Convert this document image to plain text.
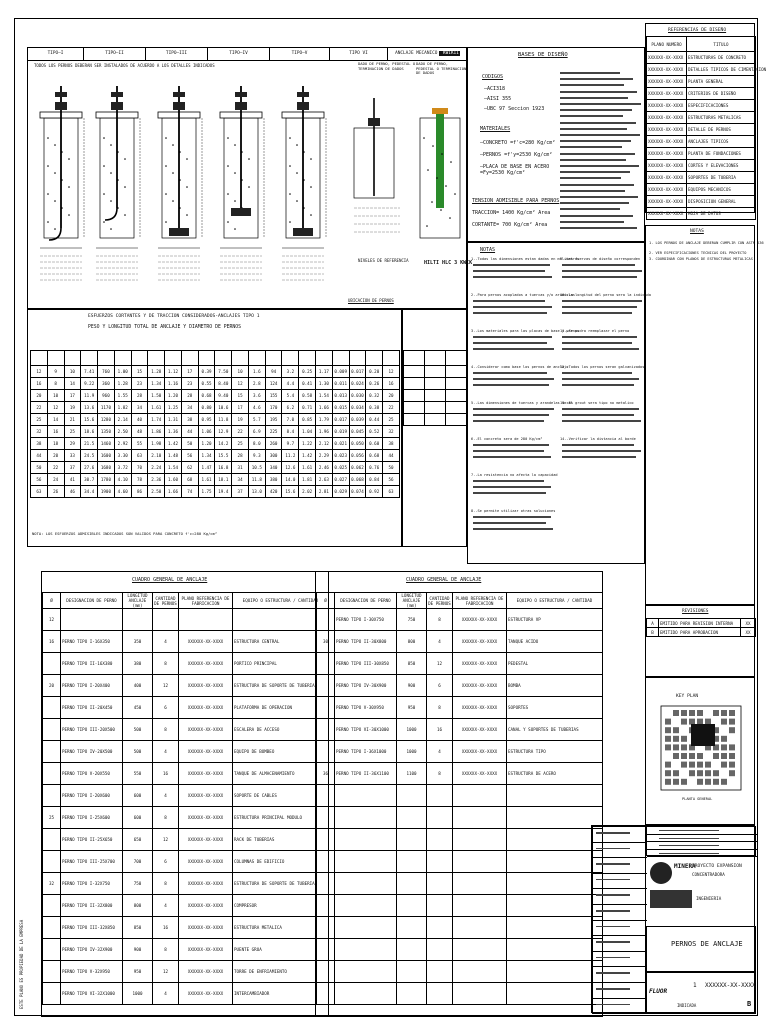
TIPO—I	TIPO—II	TIPO—III	TIPO—IV	TIPO—V	TIPO VI	ANCLAJE MECANICO KWIKII
TODOS LOS PERNOS DEBERAN SER INSTALADOS DE ACUERDO A LOS DETALLES INDICADOS	DADO DE PERNO, PEDESTAL O TERMINACION DE DADOS
DADO DE PERNO, PEDESTAL O TERMINACION DE DADOS
NIVELES DE REFERENCIA
UBICACION DE PERNOS
HILTI HLC 3 KWIK
BASES DE DISEÑO
CODIGOS
—ACI318
—AISI 355
—UBC 97 Seccion 1923
MATERIALES
—CONCRETO =f'c=280 Kg/cm²
—PERNOS =f'y=2530 Kg/cm²
—PLACA DE BASE EN ACERO =Fy=2530 Kg/cm²
TENSION ADMISIBLE PARA PERNOS
TRACCION= 1400 Kg/cm² Area
CORTANTE= 700 Kg/cm² Area
NOTAS
1.-Todas las dimensiones estan dadas en milimetros
2.-Para pernos acoplados a tuercas y/o arandelas
3.-Los materiales para las placas de base y pernos
4.-Considerar como base los pernos de anclaje
5.-Las dimensiones de tuercas y arandelas seran
6.-El concreto sera de 280 Kg/cm²
7.-La resistencia no afecta la capacidad
8.-Se permite utilizar otras soluciones
9.-Las fuerzas de diseño corresponden
10.-La longitud del perno sera la indicada
11.-Se podra reemplazar el perno
12.-Todos los pernos seran galvanizados
13.-El grout sera tipo no metalico
14.-Verificar la distancia al borde
ESFUERZOS CORTANTES Y DE TRACCION CONSIDERADOS-ANCLAJES TIPO 1
PESO Y LONGITUD TOTAL DE ANCLAJE Y DIAMETRO DE PERNOS

12	9	10	7.41	760	1.00	15	1.28	1.12	17	0.39	7.50	10	1.6	94	3.2	0.25	1.17	0.009	0.017	0.20	12
16	8	14	9.22	360	1.28	23	1.34	1.16	23	0.55	8.40	12	2.8	124	4.4	0.41	1.30	0.011	0.024	0.26	16
20	10	17	11.9	960	1.55	28	1.50	1.20	28	0.68	9.40	15	3.6	155	5.4	0.58	1.54	0.013	0.030	0.32	20
22	12	19	13.6	1170	1.82	34	1.61	1.25	34	0.80	10.6	17	4.6	170	6.2	0.71	1.66	0.015	0.034	0.38	22
25	14	21	15.6	1280	2.14	40	1.74	1.31	38	0.95	11.8	19	5.7	195	7.0	0.85	1.79	0.017	0.039	0.44	25
32	16	25	18.6	1350	2.50	48	1.86	1.36	44	1.06	12.9	22	6.9	225	8.4	1.04	1.96	0.019	0.045	0.52	32
38	18	29	21.5	1460	2.92	55	1.98	1.42	50	1.20	14.2	25	8.0	260	9.7	1.22	2.12	0.021	0.050	0.60	38
44	20	33	24.5	1600	3.30	63	2.10	1.48	56	1.34	15.5	28	9.3	300	11.2	1.42	2.29	0.023	0.056	0.68	44
50	22	37	27.6	1680	3.72	70	2.24	1.54	62	1.47	16.8	31	10.5	340	12.6	1.61	2.46	0.025	0.062	0.76	50
56	24	41	30.7	1780	4.10	78	2.36	1.60	68	1.61	18.1	34	11.8	380	14.0	1.81	2.63	0.027	0.068	0.84	56
63	26	46	34.4	1900	4.60	86	2.50	1.66	74	1.75	19.4	37	13.0	420	15.6	2.02	2.81	0.029	0.074	0.92	63
NOTA: LOS ESFUERZOS ADMISIBLES INDICADOS SON VALIDOS PARA CONCRETO f'c=280 Kg/cm²

CUADRO GENERAL DE ANCLAJE
Ø	DESIGNACION DE PERNO	LONGITUD ANCLAJE (mm)	CANTIDAD DE PERNOS	PLANO REFERENCIA DE FABRICACION	EQUIPO O ESTRUCTURA / CANTIDAD
12					
16	PERNO TIPO I-16X350	350	4	XXXXXX-XX-XXXX	ESTRUCTURA CENTRAL
	PERNO TIPO II-16X380	380	8	XXXXXX-XX-XXXX	PORTICO PRINCIPAL
20	PERNO TIPO I-20X400	400	12	XXXXXX-XX-XXXX	ESTRUCTURA DE SOPORTE DE TUBERIA
	PERNO TIPO II-20X450	450	6	XXXXXX-XX-XXXX	PLATAFORMA DE OPERACION
	PERNO TIPO III-20X500	500	8	XXXXXX-XX-XXXX	ESCALERA DE ACCESO
	PERNO TIPO IV-20X500	500	4	XXXXXX-XX-XXXX	EQUIPO DE BOMBEO
	PERNO TIPO V-20X550	550	16	XXXXXX-XX-XXXX	TANQUE DE ALMACENAMIENTO
	PERNO TIPO I-20X600	600	4	XXXXXX-XX-XXXX	SOPORTE DE CABLES
25	PERNO TIPO I-25X600	600	8	XXXXXX-XX-XXXX	ESTRUCTURA PRINCIPAL MODULO
	PERNO TIPO II-25X650	650	12	XXXXXX-XX-XXXX	RACK DE TUBERIAS
	PERNO TIPO III-25X700	700	6	XXXXXX-XX-XXXX	COLUMNAS DE EDIFICIO
32	PERNO TIPO I-32X750	750	8	XXXXXX-XX-XXXX	ESTRUCTURA DE SOPORTE DE TUBERIA
	PERNO TIPO II-32X800	800	4	XXXXXX-XX-XXXX	COMPRESOR
	PERNO TIPO III-32X850	850	16	XXXXXX-XX-XXXX	ESTRUCTURA METALICA
	PERNO TIPO IV-32X900	900	8	XXXXXX-XX-XXXX	PUENTE GRUA
	PERNO TIPO V-32X950	950	12	XXXXXX-XX-XXXX	TORRE DE ENFRIAMIENTO
	PERNO TIPO VI-32X1000	1000	4	XXXXXX-XX-XXXX	INTERCAMBIADOR
CUADRO GENERAL DE ANCLAJE
Ø	DESIGNACION DE PERNO	LONGITUD ANCLAJE (mm)	CANTIDAD DE PERNOS	PLANO REFERENCIA DE FABRICACION	EQUIPO O ESTRUCTURA / CANTIDAD
	PERNO TIPO I-30X750	750	8	XXXXXX-XX-XXXX	ESTRUCTURA VP
30	PERNO TIPO II-30X800	800	4	XXXXXX-XX-XXXX	TANQUE ACIDO
	PERNO TIPO III-30X850	850	12	XXXXXX-XX-XXXX	PEDESTAL
	PERNO TIPO IV-30X900	900	6	XXXXXX-XX-XXXX	BOMBA
	PERNO TIPO V-30X950	950	8	XXXXXX-XX-XXXX	SOPORTES
	PERNO TIPO VI-30X1000	1000	16	XXXXXX-XX-XXXX	CANAL Y SOPORTES DE TUBERIAS
	PERNO TIPO I-36X1000	1000	4	XXXXXX-XX-XXXX	ESTRUCTURA TIPO
36	PERNO TIPO II-36X1100	1100	8	XXXXXX-XX-XXXX	ESTRUCTURA DE ACERO

REFERENCIAS DE DISEÑO
PLANO NUMERO	TITULO
XXXXXX-XX-XXXX	ESTRUCTURAS DE CONCRETO
XXXXXX-XX-XXXX	DETALLES TIPICOS DE CIMENTACION
XXXXXX-XX-XXXX	PLANTA GENERAL
XXXXXX-XX-XXXX	CRITERIOS DE DISEÑO
XXXXXX-XX-XXXX	ESPECIFICACIONES
XXXXXX-XX-XXXX	ESTRUCTURAS METALICAS
XXXXXX-XX-XXXX	DETALLE DE PERNOS
XXXXXX-XX-XXXX	ANCLAJES TIPICOS
XXXXXX-XX-XXXX	PLANTA DE FUNDACIONES
XXXXXX-XX-XXXX	CORTES Y ELEVACIONES
XXXXXX-XX-XXXX	SOPORTES DE TUBERIA
XXXXXX-XX-XXXX	EQUIPOS MECANICOS
XXXXXX-XX-XXXX	DISPOSICION GENERAL
XXXXXX-XX-XXXX	HOJA DE DATOS
NOTAS
1. LOS PERNOS DE ANCLAJE DEBERAN CUMPLIR CON ASTM A36
2. VER ESPECIFICACIONES TECNICAS DEL PROYECTO
3. COORDINAR CON PLANOS DE ESTRUCTURAS METALICAS
REVISIONES
A	EMITIDO PARA REVISION INTERNA	XX
B	EMITIDO PARA APROBACION	XX
KEY PLAN
PLANTA GENERAL
MINERA
PROYECTO EXPANSION
CONCENTRADORA
INGENIERIA
PERNOS DE ANCLAJE
FLUOR
INDICADA
1 XXXXXX-XX-XXXX
B
ESTE PLANO ES PROPIEDAD DE LA EMPRESA
